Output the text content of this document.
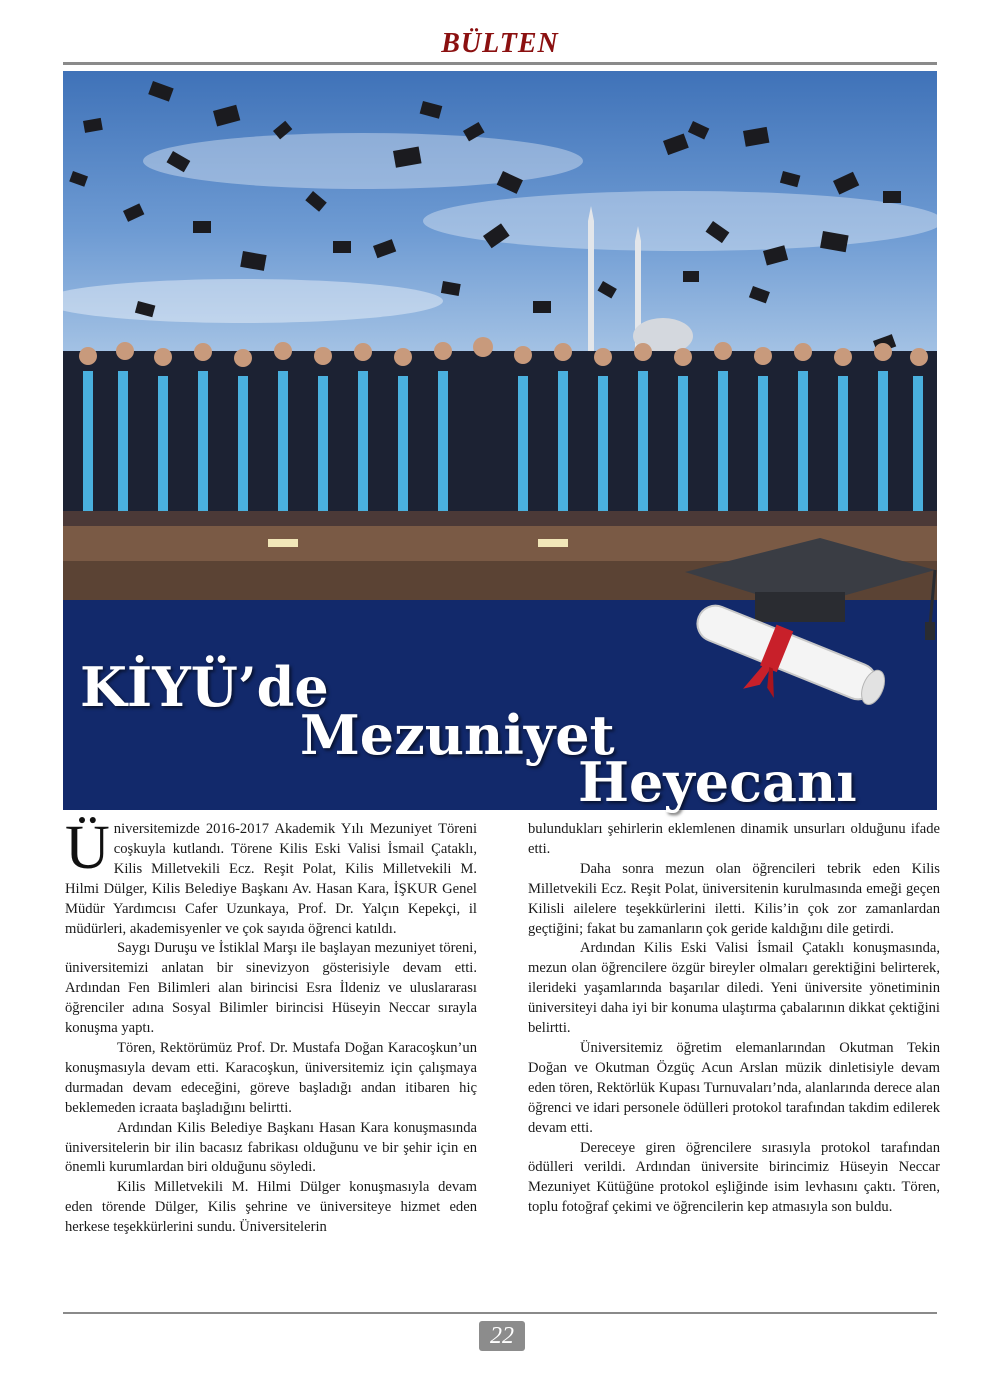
BÜLTEN
KİYÜ’de
Mezuniyet
Heyecanı

Üniversitemizde 2016-2017 Akademik Yılı Mezuniyet Töreni coşkuyla kutlandı. Törene Kilis Eski Valisi İsmail Çataklı, Kilis Milletvekili Ecz. Reşit Polat, Kilis Milletvekili M. Hilmi Dülger, Kilis Belediye Başkanı Av. Hasan Kara, İŞKUR Genel Müdür Yardımcısı Cafer Uzunkaya, Prof. Dr. Yalçın Kepekçi, il müdürleri, akademisyenler ve çok sayıda öğrenci katıldı.

Saygı Duruşu ve İstiklal Marşı ile başlayan mezuniyet töreni, üniversitemizi anlatan bir sinevizyon gösterisiyle devam etti. Ardından Fen Bilimleri alan birincisi Esra İldeniz ve uluslararası öğrenciler adına Sosyal Bilimler birincisi Hüseyin Neccar sırayla konuşma yaptı.

Tören, Rektörümüz Prof. Dr. Mustafa Doğan Karacoşkun’un konuşmasıyla devam etti. Karacoşkun, üniversitemiz için çalışmaya durmadan devam edeceğini, göreve başladığı andan itibaren hiç beklemeden icraata başladığını belirtti.

Ardından Kilis Belediye Başkanı Hasan Kara konuşmasında üniversitelerin bir ilin bacasız fabrikası olduğunu ve bir şehir için en önemli kurumlardan biri olduğunu söyledi.

Kilis Milletvekili M. Hilmi Dülger konuşmasıyla devam eden törende Dülger, Kilis şehrine ve üniversiteye hizmet eden herkese teşekkürlerini sundu. Üniversitelerin

bulundukları şehirlerin eklemlenen dinamik unsurları olduğunu ifade etti.

Daha sonra mezun olan öğrencileri tebrik eden Kilis Milletvekili Ecz. Reşit Polat, üniversitenin kurulmasında emeği geçen Kilisli ailelere teşekkürlerini iletti. Kilis’in çok zor zamanlardan geçtiğini; fakat bu zamanların çok geride kaldığını dile getirdi.

Ardından Kilis Eski Valisi İsmail Çataklı konuşmasında, mezun olan öğrencilere özgür bireyler olmaları gerektiğini belirterek, ilerideki yaşamlarında başarılar diledi. Yeni üniversite yönetiminin üniversiteyi daha iyi bir konuma ulaştırma çabalarının dikkat çektiğini belirtti.

Üniversitemiz öğretim elemanlarından Okutman Tekin Doğan ve Okutman Özgüç Acun Arslan müzik dinletisiyle devam eden tören, Rektörlük Kupası Turnuvaları’nda, alanlarında derece alan öğrenci ve idari personele ödülleri protokol tarafından takdim edilerek devam etti.

Dereceye giren öğrencilere sırasıyla protokol tarafından ödülleri verildi. Ardından üniversite birincimiz Hüseyin Neccar Mezuniyet Kütüğüne protokol eşliğinde isim levhasını çaktı. Tören, toplu fotoğraf çekimi ve öğrencilerin kep atmasıyla son buldu.

22
